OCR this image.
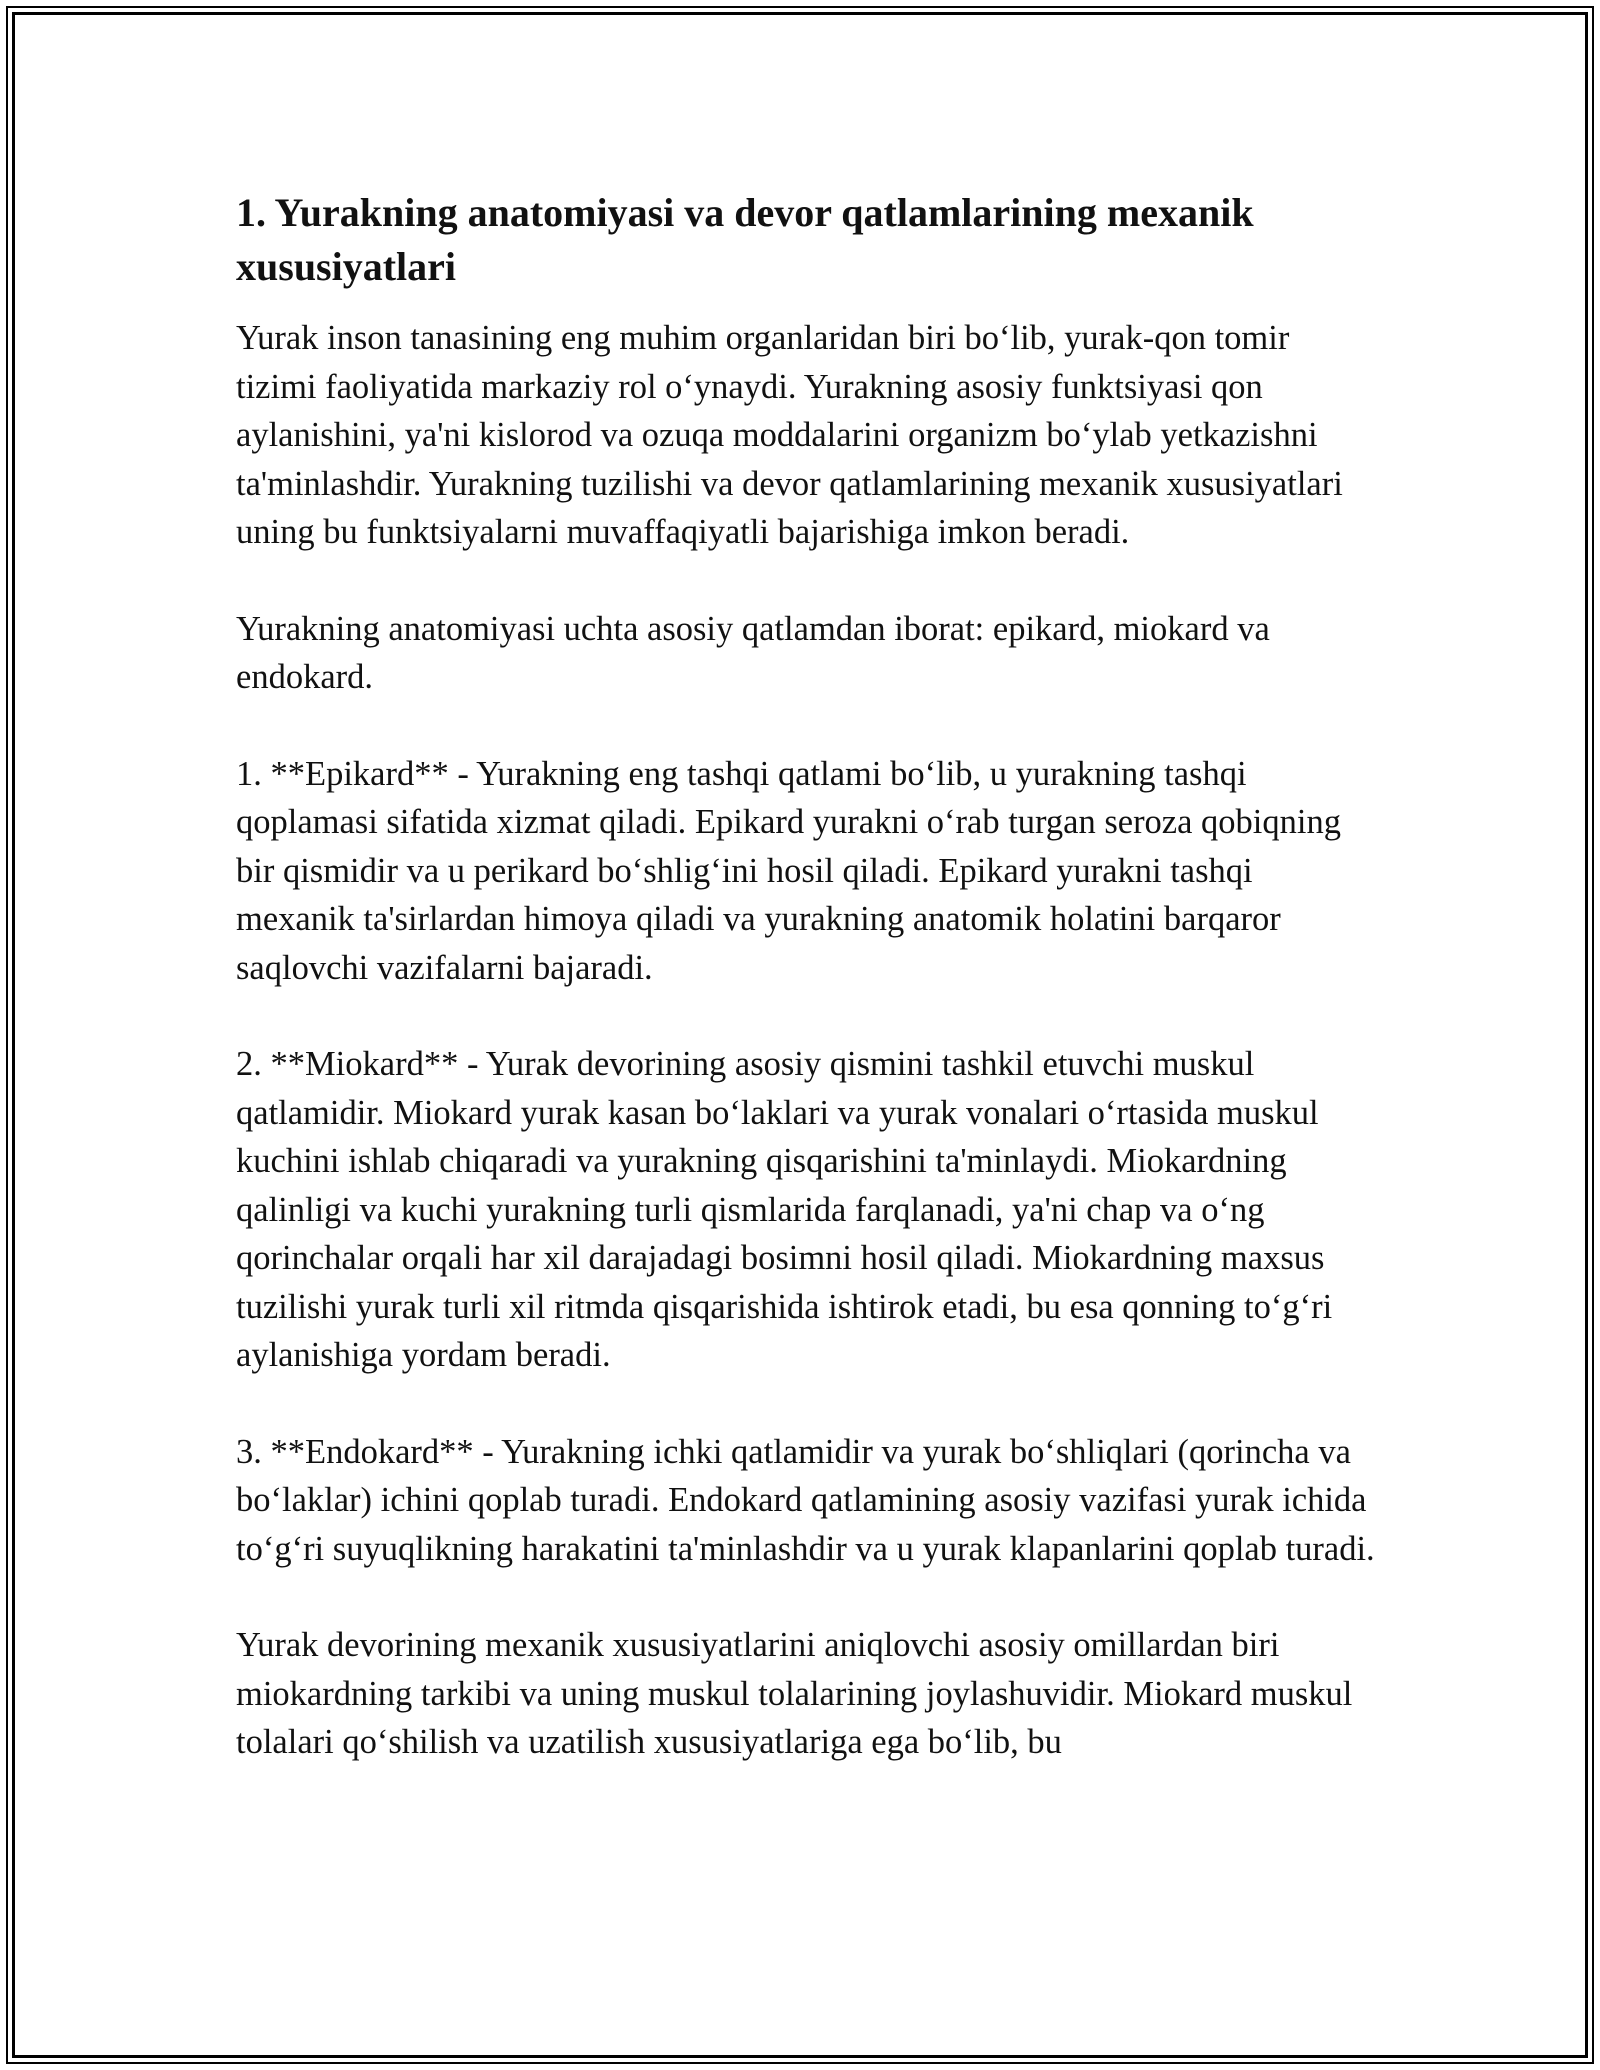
1. Yurakning anatomiyasi va devor qatlamlarining mexanik xususiyatlari

Yurak inson tanasining eng muhim organlaridan biri bo‘lib, yurak-qon tomir tizimi faoliyatida markaziy rol o‘ynaydi. Yurakning asosiy funktsiyasi qon aylanishini, ya'ni kislorod va ozuqa moddalarini organizm bo‘ylab yetkazishni ta'minlashdir. Yurakning tuzilishi va devor qatlamlarining mexanik xususiyatlari uning bu funktsiyalarni muvaffaqiyatli bajarishiga imkon beradi.

Yurakning anatomiyasi uchta asosiy qatlamdan iborat: epikard, miokard va endokard.

1. **Epikard** - Yurakning eng tashqi qatlami bo‘lib, u yurakning tashqi qoplamasi sifatida xizmat qiladi. Epikard yurakni o‘rab turgan seroza qobiqning bir qismidir va u perikard bo‘shlig‘ini hosil qiladi. Epikard yurakni tashqi mexanik ta'sirlardan himoya qiladi va yurakning anatomik holatini barqaror saqlovchi vazifalarni bajaradi.

2. **Miokard** - Yurak devorining asosiy qismini tashkil etuvchi muskul qatlamidir. Miokard yurak kasan bo‘laklari va yurak vonalari o‘rtasida muskul kuchini ishlab chiqaradi va yurakning qisqarishini ta'minlaydi. Miokardning qalinligi va kuchi yurakning turli qismlarida farqlanadi, ya'ni chap va o‘ng qorinchalar orqali har xil darajadagi bosimni hosil qiladi. Miokardning maxsus tuzilishi yurak turli xil ritmda qisqarishida ishtirok etadi, bu esa qonning to‘g‘ri aylanishiga yordam beradi.

3. **Endokard** - Yurakning ichki qatlamidir va yurak bo‘shliqlari (qorincha va bo‘laklar) ichini qoplab turadi. Endokard qatlamining asosiy vazifasi yurak ichida to‘g‘ri suyuqlikning harakatini ta'minlashdir va u yurak klapanlarini qoplab turadi.

Yurak devorining mexanik xususiyatlarini aniqlovchi asosiy omillardan biri miokardning tarkibi va uning muskul tolalarining joylashuvidir. Miokard muskul tolalari qo‘shilish va uzatilish xususiyatlariga ega bo‘lib, bu
